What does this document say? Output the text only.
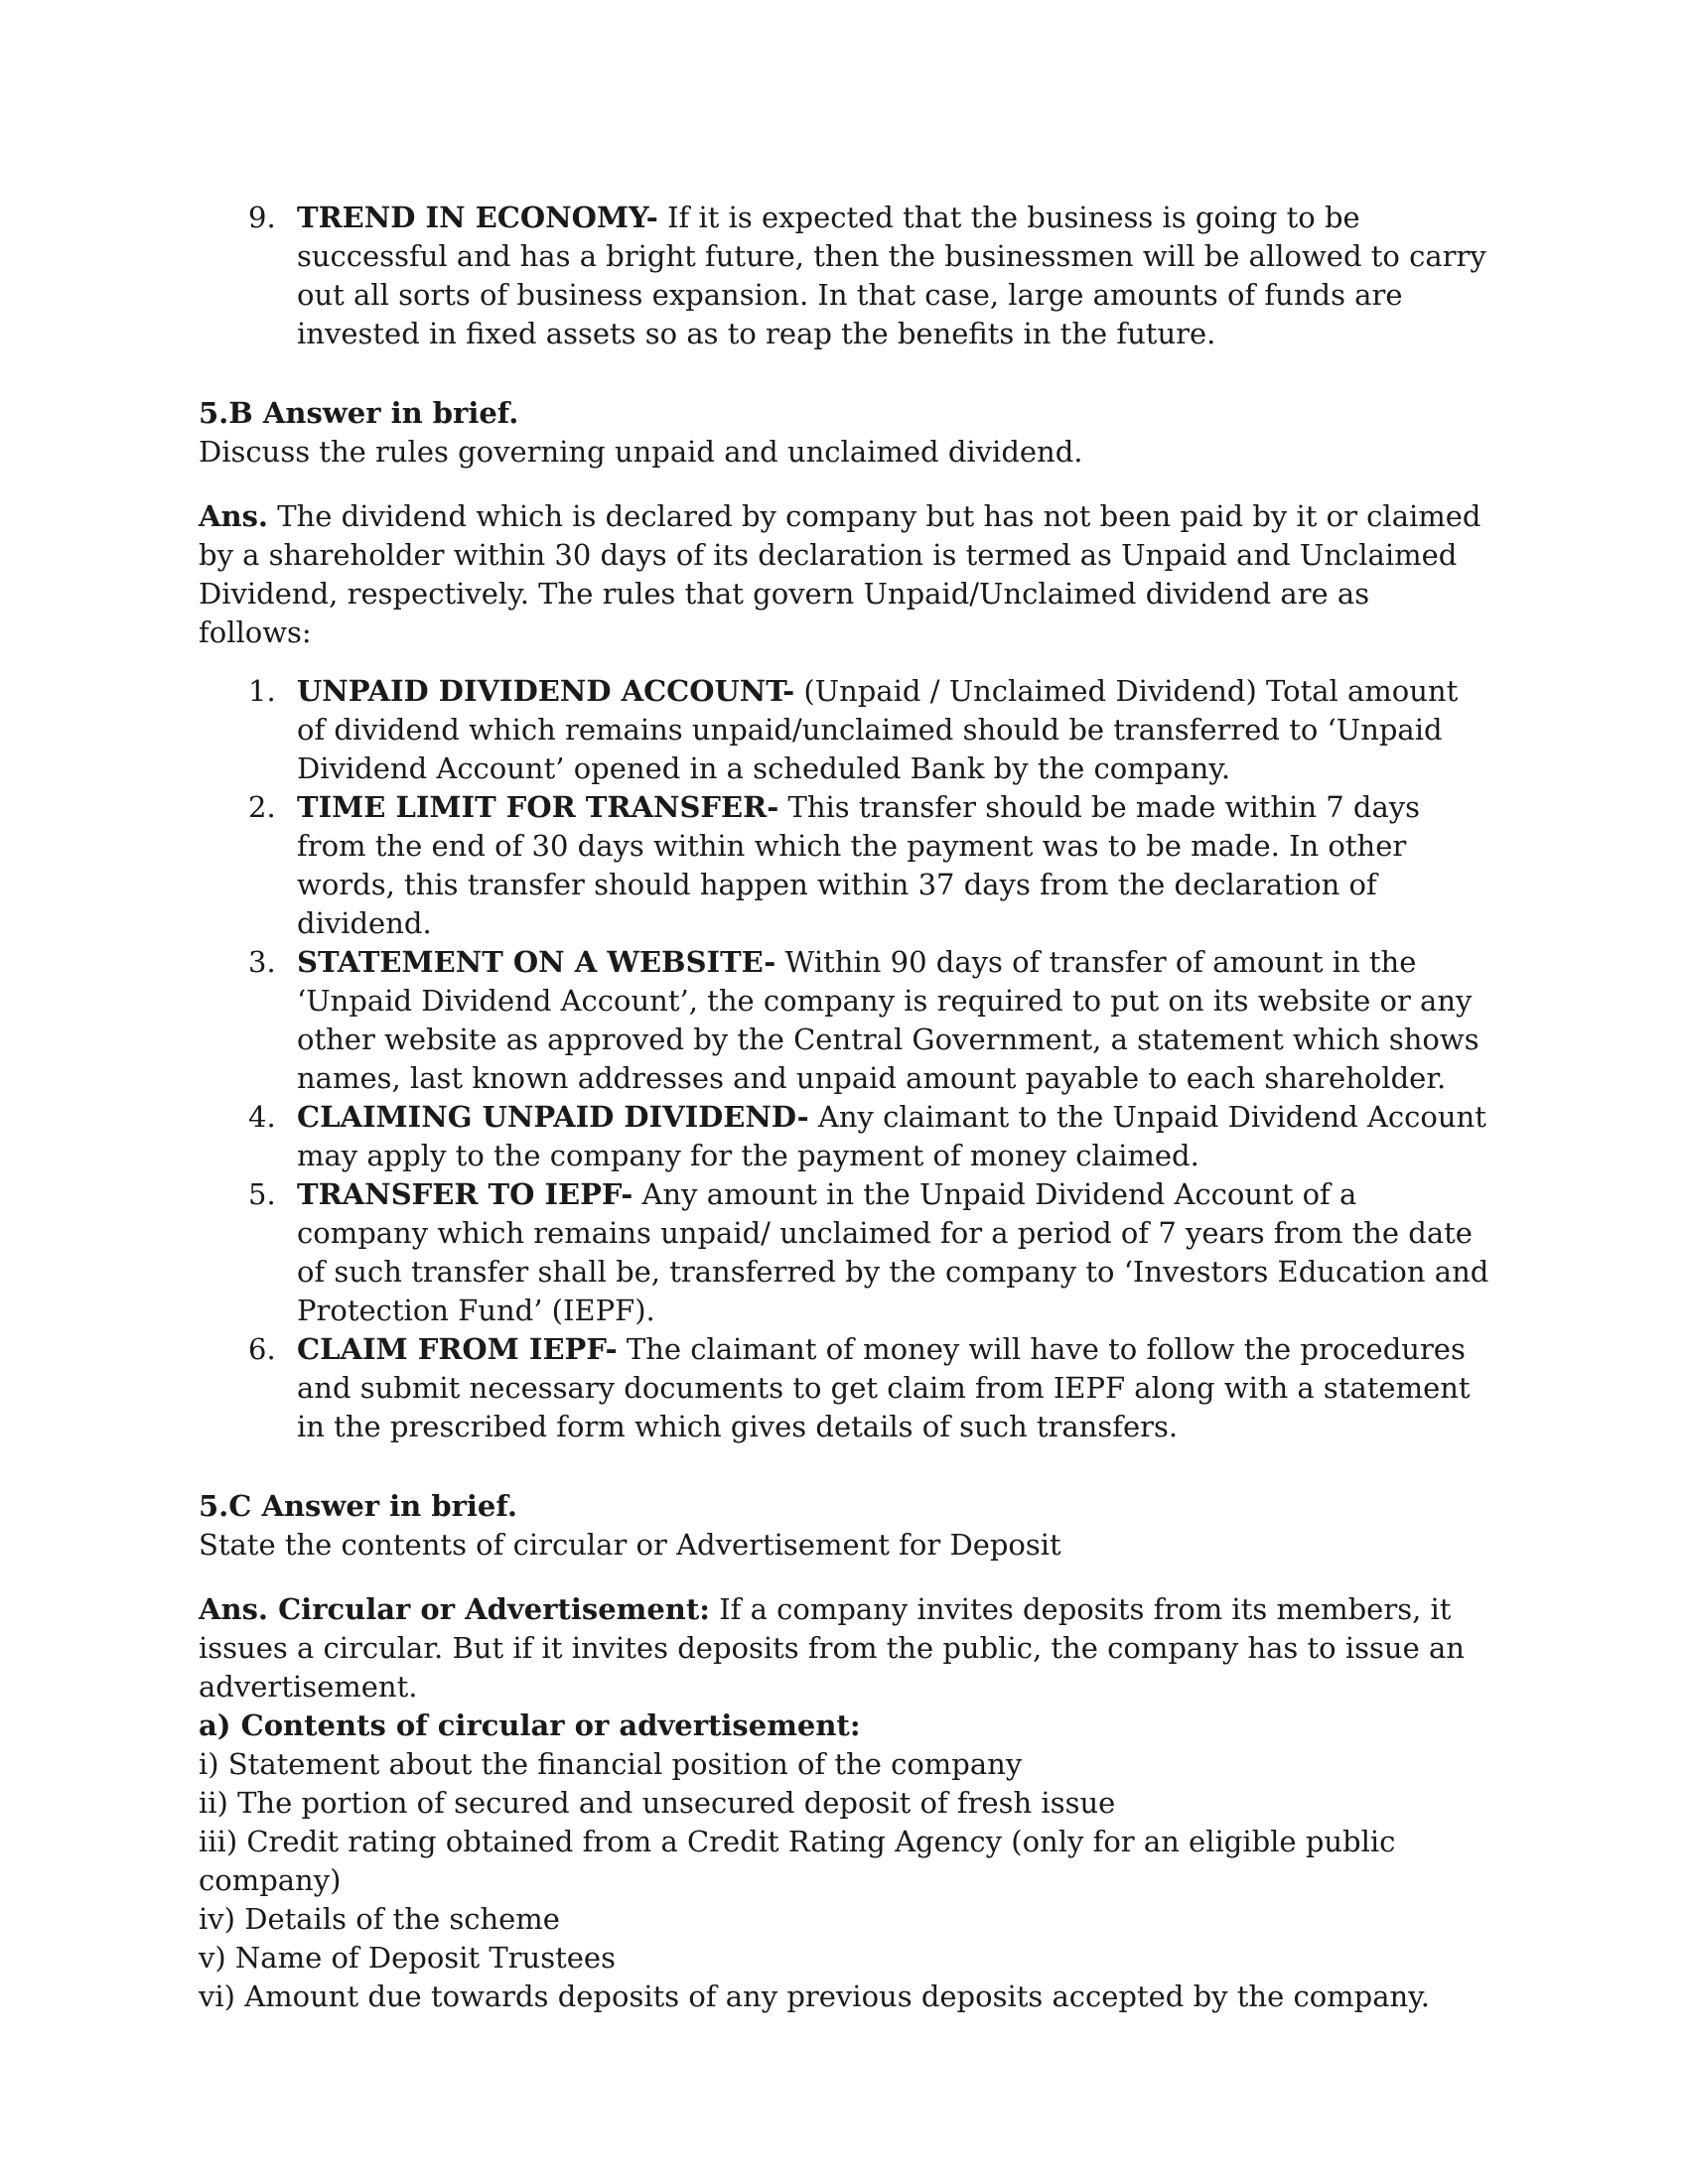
9. TREND IN ECONOMY- If it is expected that the business is going to be successful and has a bright future, then the businessmen will be allowed to carry out all sorts of business expansion. In that case, large amounts of funds are invested in fixed assets so as to reap the benefits in the future.

5.B Answer in brief.

Discuss the rules governing unpaid and unclaimed dividend.

Ans. The dividend which is declared by company but has not been paid by it or claimed by a shareholder within 30 days of its declaration is termed as Unpaid and Unclaimed Dividend, respectively. The rules that govern Unpaid/Unclaimed dividend are as follows:

1. UNPAID DIVIDEND ACCOUNT- (Unpaid / Unclaimed Dividend) Total amount of dividend which remains unpaid/unclaimed should be transferred to ‘Unpaid Dividend Account’ opened in a scheduled Bank by the company.
2. TIME LIMIT FOR TRANSFER- This transfer should be made within 7 days from the end of 30 days within which the payment was to be made. In other words, this transfer should happen within 37 days from the declaration of dividend.
3. STATEMENT ON A WEBSITE- Within 90 days of transfer of amount in the ‘Unpaid Dividend Account’, the company is required to put on its website or any other website as approved by the Central Government, a statement which shows names, last known addresses and unpaid amount payable to each shareholder.
4. CLAIMING UNPAID DIVIDEND- Any claimant to the Unpaid Dividend Account may apply to the company for the payment of money claimed.
5. TRANSFER TO IEPF- Any amount in the Unpaid Dividend Account of a company which remains unpaid/ unclaimed for a period of 7 years from the date of such transfer shall be, transferred by the company to ‘Investors Education and Protection Fund’ (IEPF).
6. CLAIM FROM IEPF- The claimant of money will have to follow the procedures and submit necessary documents to get claim from IEPF along with a statement in the prescribed form which gives details of such transfers.

5.C Answer in brief.

State the contents of circular or Advertisement for Deposit

Ans. Circular or Advertisement: If a company invites deposits from its members, it issues a circular. But if it invites deposits from the public, the company has to issue an advertisement.

a) Contents of circular or advertisement:

i) Statement about the financial position of the company

ii) The portion of secured and unsecured deposit of fresh issue

iii) Credit rating obtained from a Credit Rating Agency (only for an eligible public company)

iv) Details of the scheme

v) Name of Deposit Trustees

vi) Amount due towards deposits of any previous deposits accepted by the company.
